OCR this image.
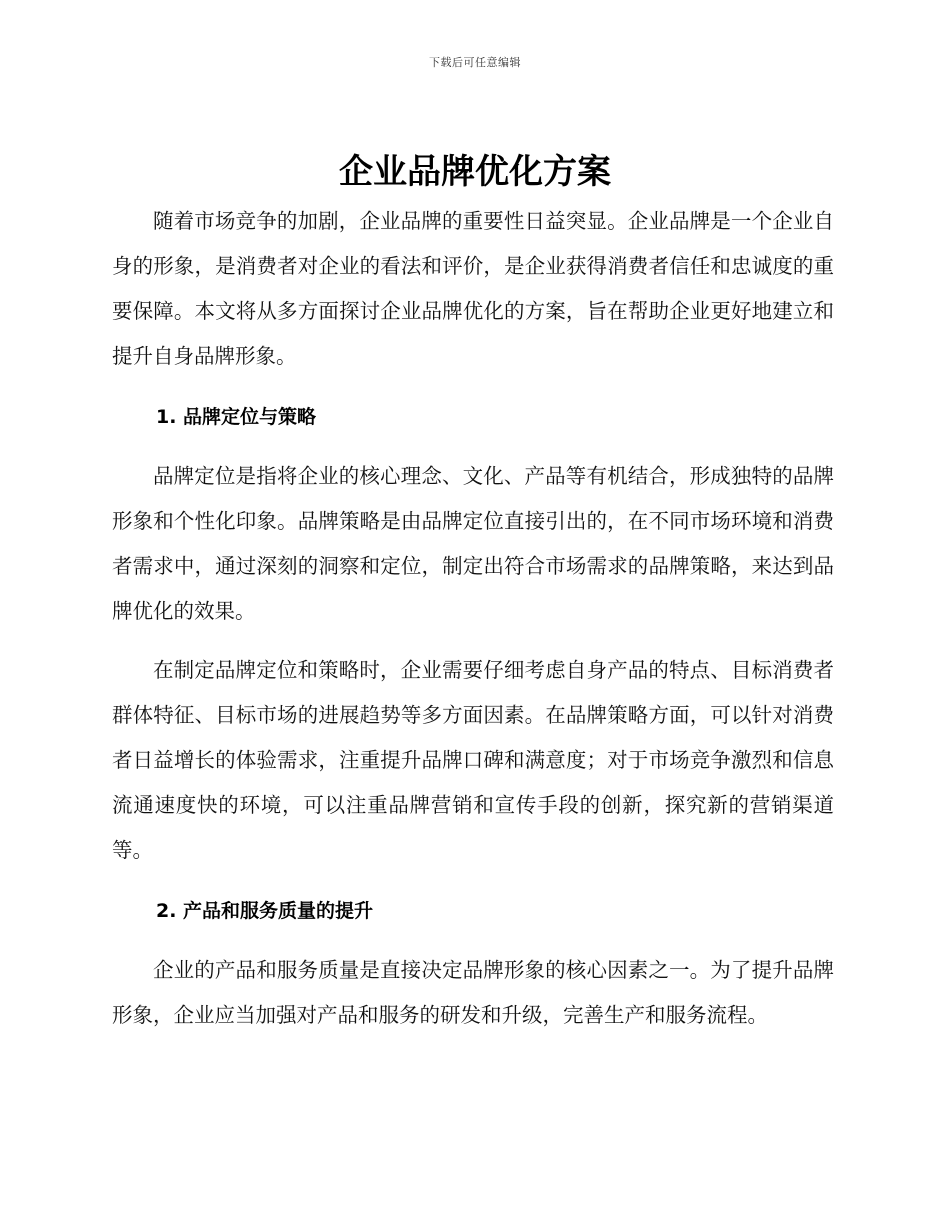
下载后可任意编辑
企业品牌优化方案

随着市场竞争的加剧，企业品牌的重要性日益突显。企业品牌是一个企业自身的形象，是消费者对企业的看法和评价，是企业获得消费者信任和忠诚度的重要保障。本文将从多方面探讨企业品牌优化的方案，旨在帮助企业更好地建立和提升自身品牌形象。

1. 品牌定位与策略

品牌定位是指将企业的核心理念、文化、产品等有机结合，形成独特的品牌形象和个性化印象。品牌策略是由品牌定位直接引出的，在不同市场环境和消费者需求中，通过深刻的洞察和定位，制定出符合市场需求的品牌策略，来达到品牌优化的效果。

在制定品牌定位和策略时，企业需要仔细考虑自身产品的特点、目标消费者群体特征、目标市场的进展趋势等多方面因素。在品牌策略方面，可以针对消费者日益增长的体验需求，注重提升品牌口碑和满意度；对于市场竞争激烈和信息流通速度快的环境，可以注重品牌营销和宣传手段的创新，探究新的营销渠道等。

2. 产品和服务质量的提升

企业的产品和服务质量是直接决定品牌形象的核心因素之一。为了提升品牌形象，企业应当加强对产品和服务的研发和升级，完善生产和服务流程。
